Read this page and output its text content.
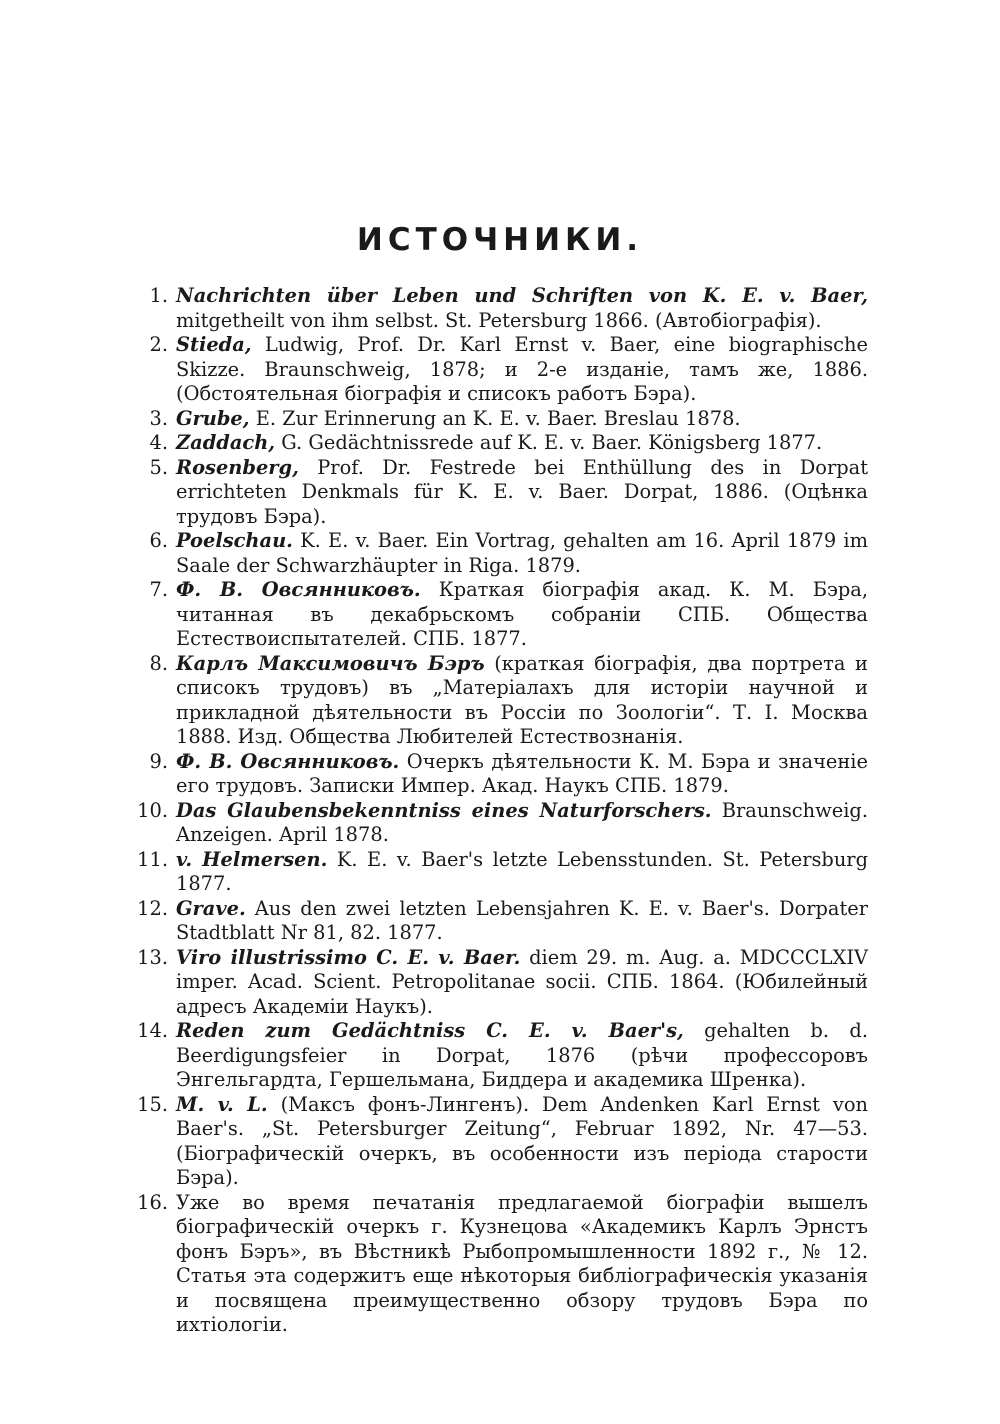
ИСТОЧНИКИ.
1. Nachrichten über Leben und Schriften von K. E. v. Baer, mitgetheilt von ihm selbst. St. Petersburg 1866. (Автобіографія).
2. Stieda, Ludwig, Prof. Dr. Karl Ernst v. Baer, eine biographische Skizze. Braunschweig, 1878; и 2-е изданіе, тамъ же, 1886. (Обстоятельная біографія и списокъ работъ Бэра).
3. Grube, E. Zur Erinnerung an K. E. v. Baer. Breslau 1878.
4. Zaddach, G. Gedächtnissrede auf K. E. v. Baer. Königsberg 1877.
5. Rosenberg, Prof. Dr. Festrede bei Enthüllung des in Dorpat errichteten Denkmals für K. E. v. Baer. Dorpat, 1886. (Оцѣнка трудовъ Бэра).
6. Poelschau. K. E. v. Baer. Ein Vortrag, gehalten am 16. April 1879 im Saale der Schwarzhäupter in Riga. 1879.
7. Ф. В. Овсянниковъ. Краткая біографія акад. К. М. Бэра, читанная въ декабрьскомъ собраніи СПБ. Общества Естествоиспытателей. СПБ. 1877.
8. Карлъ Максимовичъ Бэръ (краткая біографія, два портрета и списокъ трудовъ) въ „Матеріалахъ для исторіи научной и прикладной дѣятельности въ Россіи по Зоологіи“. Т. I. Москва 1888. Изд. Общества Любителей Естествознанія.
9. Ф. В. Овсянниковъ. Очеркъ дѣятельности К. М. Бэра и значеніе его трудовъ. Записки Импер. Акад. Наукъ СПБ. 1879.
10. Das Glaubensbekenntniss eines Naturforschers. Braunschweig. Anzeigen. April 1878.
11. v. Helmersen. K. E. v. Baer's letzte Lebensstunden. St. Petersburg 1877.
12. Grave. Aus den zwei letzten Lebensjahren K. E. v. Baer's. Dorpater Stadtblatt Nr 81, 82. 1877.
13. Viro illustrissimo C. E. v. Baer. diem 29. m. Aug. a. MDCCCLXIV imper. Acad. Scient. Petropolitanae socii. СПБ. 1864. (Юбилейный адресъ Академіи Наукъ).
14. Reden zum Gedächtniss C. E. v. Baer's, gehalten b. d. Beerdigungsfeier in Dorpat, 1876 (рѣчи профессоровъ Энгельгардта, Гершельмана, Биддера и академика Шренка).
15. M. v. L. (Максъ фонъ-Лингенъ). Dem Andenken Karl Ernst von Baer's. „St. Petersburger Zeitung“, Februar 1892, Nr. 47—53. (Біографическій очеркъ, въ особенности изъ періода старости Бэра).
16. Уже во время печатанія предлагаемой біографіи вышелъ біографическій очеркъ г. Кузнецова «Академикъ Карлъ Эрнстъ фонъ Бэръ», въ Вѣстникѣ Рыбопромышленности 1892 г., № 12. Статья эта содержитъ еще нѣкоторыя библіографическія указанія и посвящена преимущественно обзору трудовъ Бэра по ихтіологіи.
